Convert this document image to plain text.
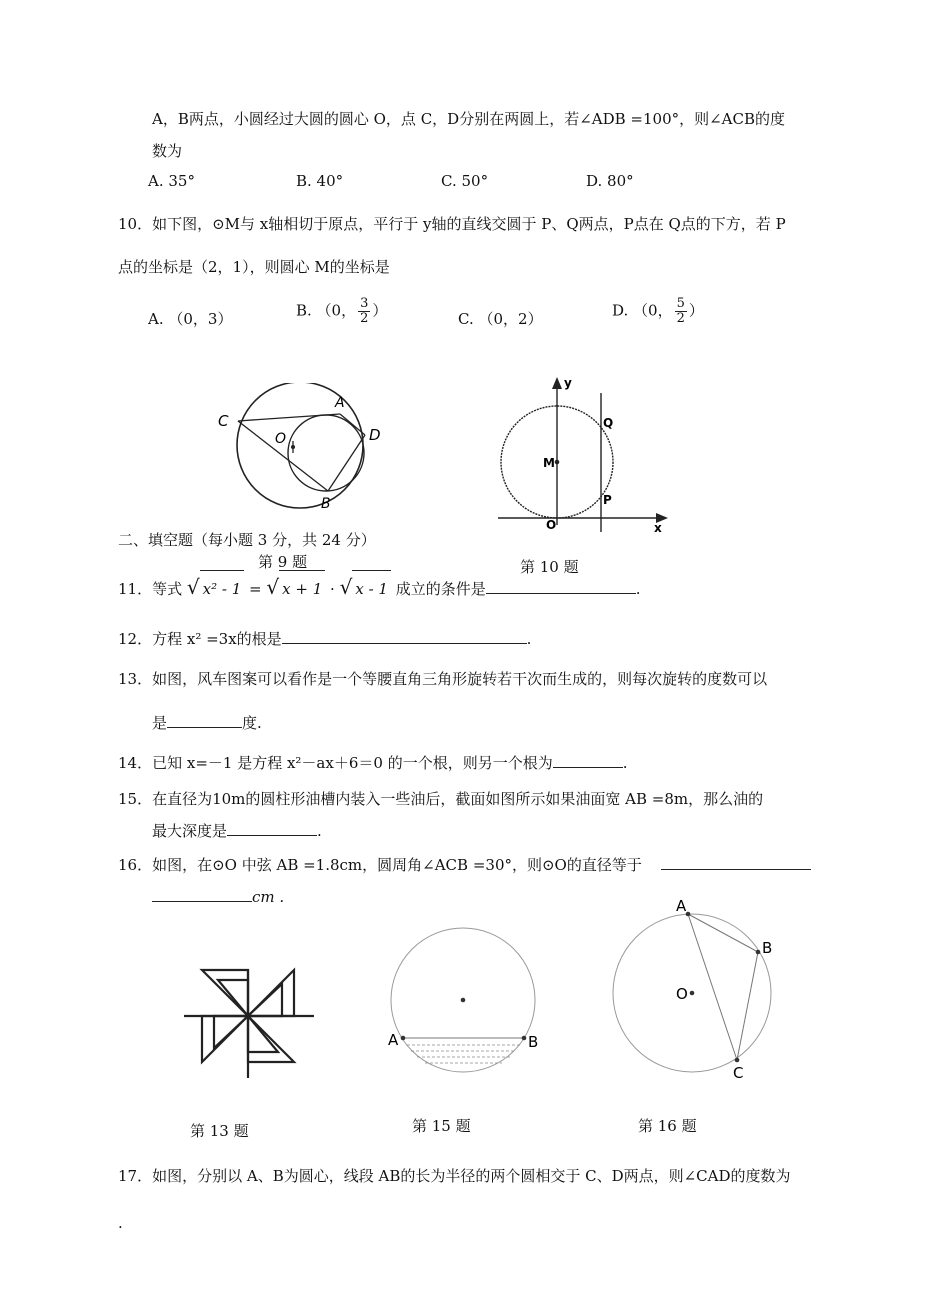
A，B两点，小圆经过大圆的圆心 O，点 C，D分别在两圆上，若∠ADB =100°，则∠ACB的度
数为
A. 35°	B. 40°	C. 50°	D. 80°
10．如下图，⊙M与 x轴相切于原点，平行于 y轴的直线交圆于 P、Q两点，P点在 Q点的下方，若 P
点的坐标是（2，1），则圆心 M的坐标是
A. （0，3）	B. （0， $\frac{3}{2}$ ）	C. （0，2）	D. （0， $\frac{5}{2}$ ）
C
O
A
D
B
y
Q
M
P
O	x
二、填空题（每小题 3 分，共 24 分）
第 9 题	第 10 题
11．等式 √ x² - 1 = √ x + 1 · √ x - 1 成立的条件是	.
12．方程 x² =3x的根是	.
13．如图，风车图案可以看作是一个等腰直角三角形旋转若干次而生成的，则每次旋转的度数可以
是	度.
14．已知 x=－1 是方程 x²－ax＋6＝0 的一个根，则另一个根为	.
15．在直径为10m的圆柱形油槽内装入一些油后，截面如图所示如果油面宽 AB =8m，那么油的
最大深度是	.
16．如图，在⊙O 中弦 AB =1.8cm，圆周角∠ACB =30°，则⊙O的直径等于
cm .
第 13 题
A	B
第 15 题
A
B
O
C
第 16 题
17．如图，分别以 A、B为圆心，线段 AB的长为半径的两个圆相交于 C、D两点，则∠CAD的度数为
.
